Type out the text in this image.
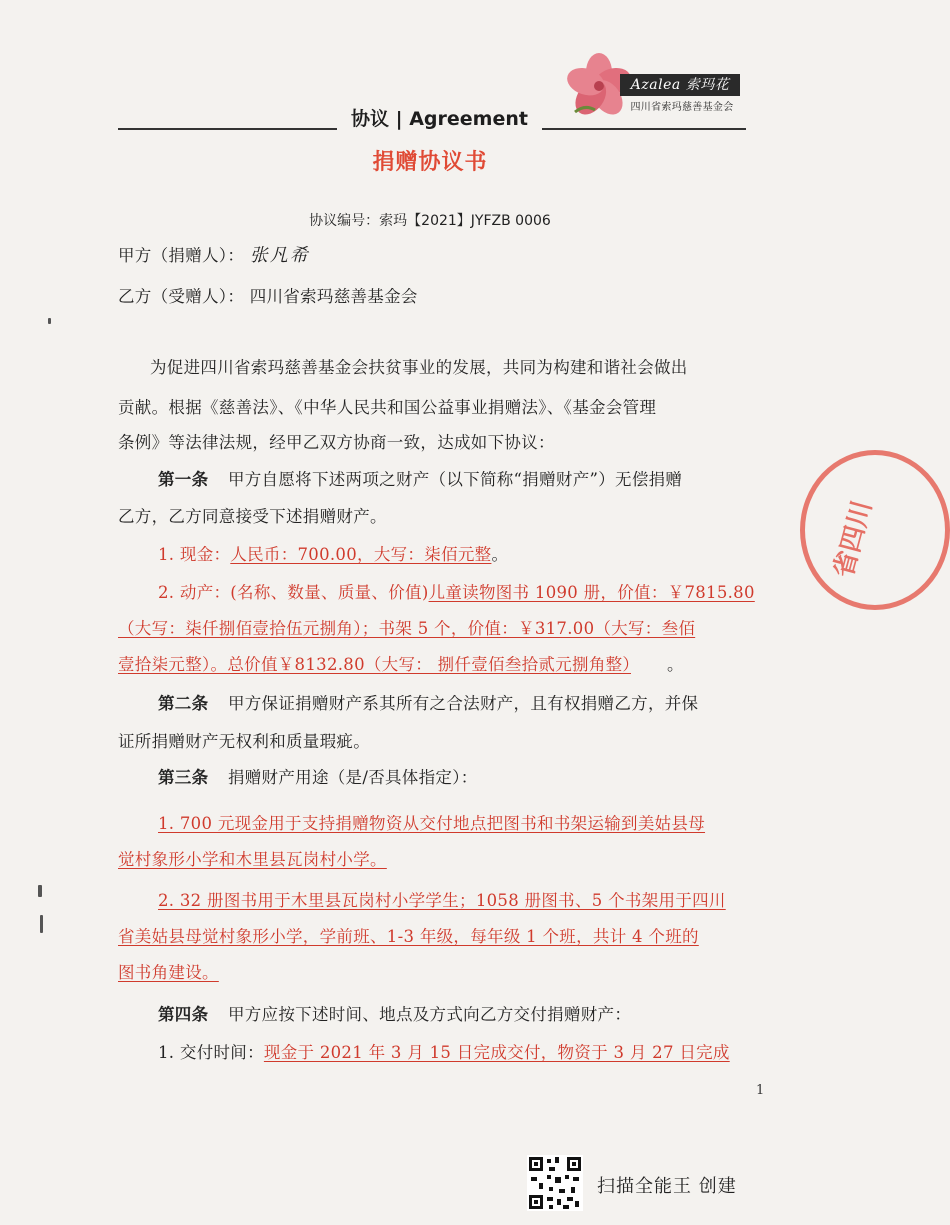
Azalea 索玛花
四川省索玛慈善基金会
协议 | Agreement
捐赠协议书
协议编号：索玛【2021】JYFZB 0006
甲方（捐赠人）： 张凡希
乙方（受赠人）： 四川省索玛慈善基金会
为促进四川省索玛慈善基金会扶贫事业的发展，共同为构建和谐社会做出
贡献。根据《慈善法》、《中华人民共和国公益事业捐赠法》、《基金会管理
条例》等法律法规，经甲乙双方协商一致，达成如下协议：
第一条 甲方自愿将下述两项之财产（以下简称“捐赠财产”）无偿捐赠
乙方，乙方同意接受下述捐赠财产。
1. 现金：人民币：700.00，大写：柒佰元整。
2. 动产：(名称、数量、质量、价值)儿童读物图书 1090 册，价值：￥7815.80
（大写：柒仟捌佰壹拾伍元捌角）；书架 5 个，价值：￥317.00（大写：叁佰
壹拾柒元整）。总价值￥8132.80（大写： 捌仟壹佰叁拾贰元捌角整） 。
第二条 甲方保证捐赠财产系其所有之合法财产，且有权捐赠乙方，并保
证所捐赠财产无权利和质量瑕疵。
第三条 捐赠财产用途（是/否具体指定）：
1. 700 元现金用于支持捐赠物资从交付地点把图书和书架运输到美姑县母
觉村象形小学和木里县瓦岗村小学。
2. 32 册图书用于木里县瓦岗村小学学生；1058 册图书、5 个书架用于四川
省美姑县母觉村象形小学，学前班、1-3 年级，每年级 1 个班，共计 4 个班的
图书角建设。
第四条 甲方应按下述时间、地点及方式向乙方交付捐赠财产：
1. 交付时间：现金于 2021 年 3 月 15 日完成交付，物资于 3 月 27 日完成
1
省四川
扫描全能王 创建
